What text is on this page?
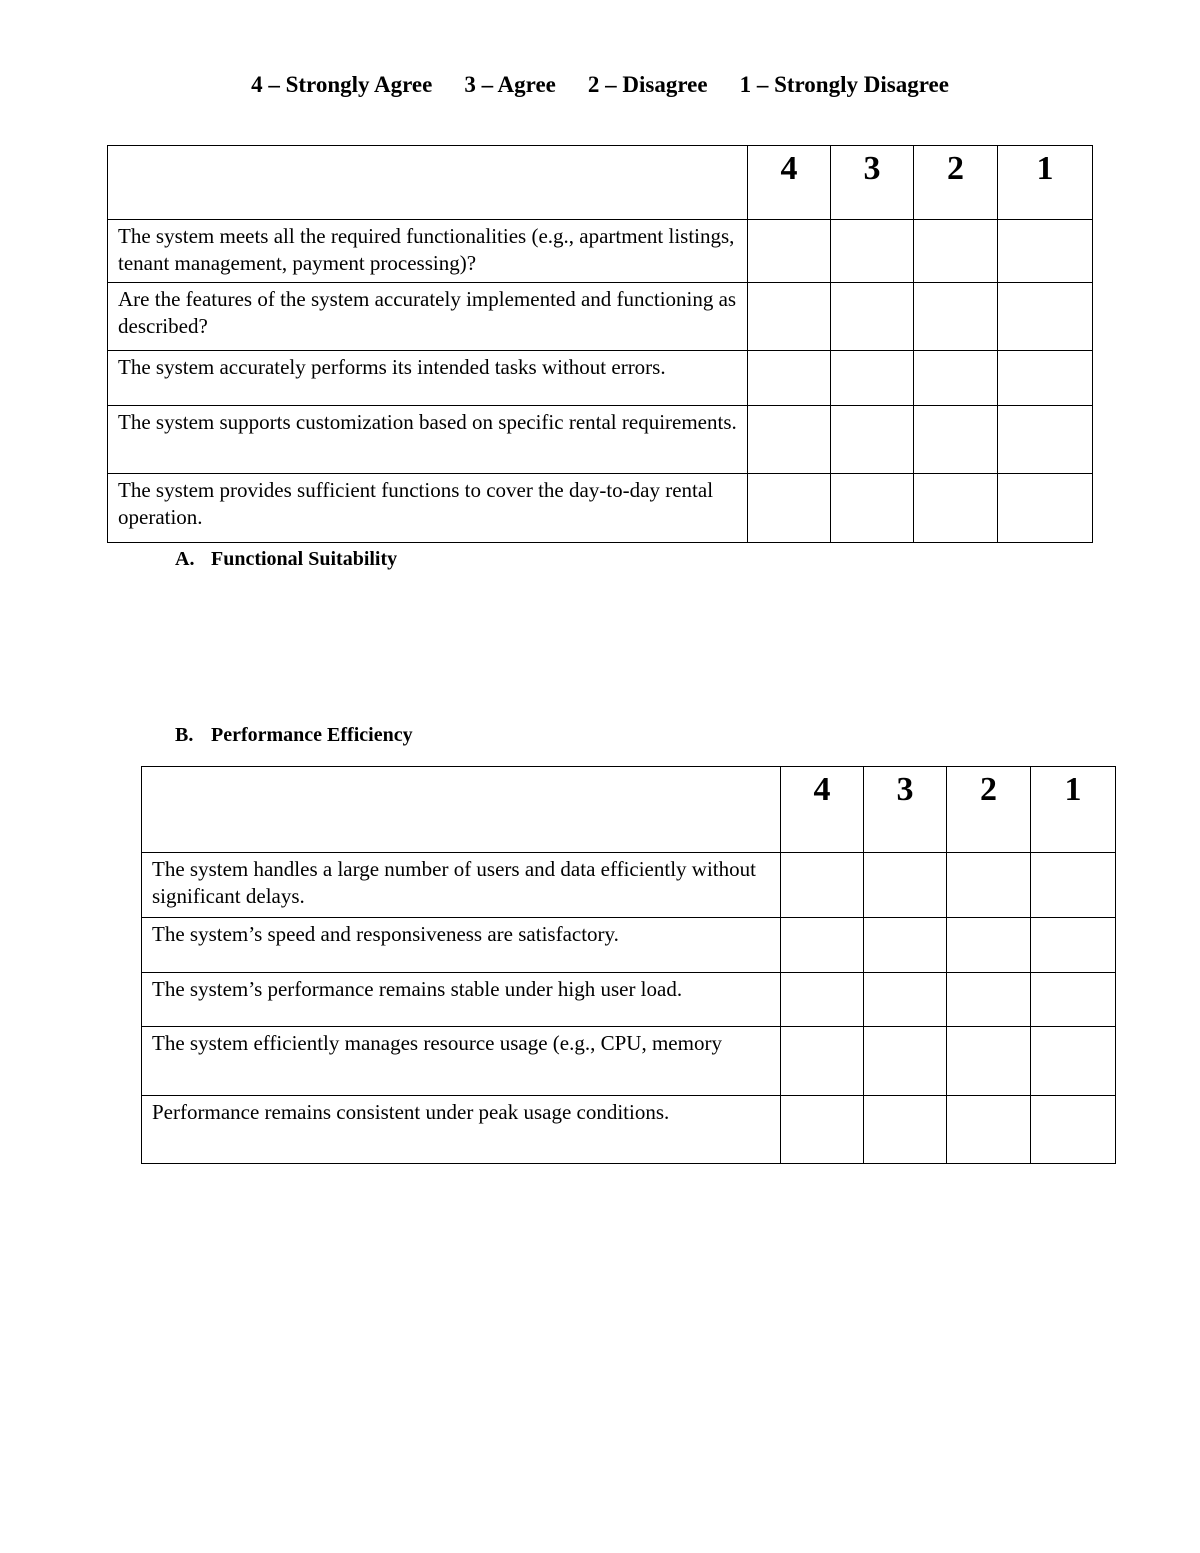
4 – Strongly Agree 3 – Agree 2 – Disagree 1 – Strongly Disagree
	4	3	2	1
The system meets all the required functionalities (e.g., apartment listings, tenant management, payment processing)?				
Are the features of the system accurately implemented and functioning as described?				
The system accurately performs its intended tasks without errors.				
The system supports customization based on specific rental requirements.				
The system provides sufficient functions to cover the day-to-day rental operation.				
A. Functional Suitability
B. Performance Efficiency
	4	3	2	1
The system handles a large number of users and data efficiently without significant delays.				
The system’s speed and responsiveness are satisfactory.				
The system’s performance remains stable under high user load.				
The system efficiently manages resource usage (e.g., CPU, memory				
Performance remains consistent under peak usage conditions.				
